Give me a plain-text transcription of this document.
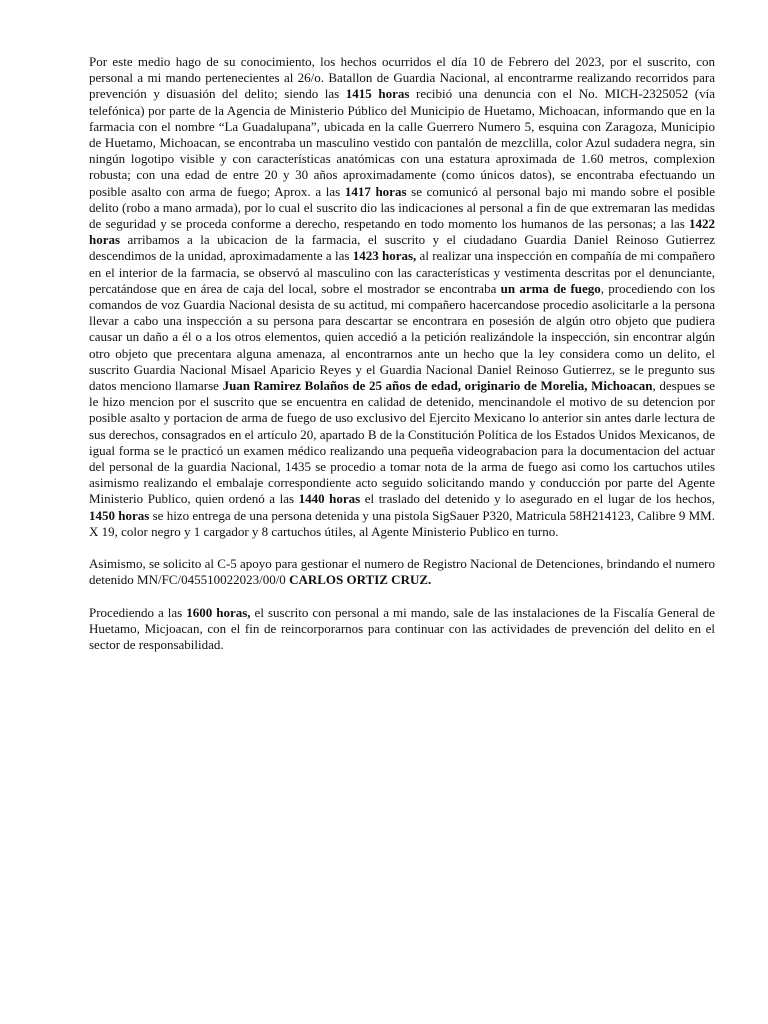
Por este medio hago de su conocimiento, los hechos ocurridos el día 10 de Febrero del 2023, por el suscrito, con personal a mi mando pertenecientes al 26/o. Batallon de Guardia Nacional, al encontrarme realizando recorridos para prevención y disuasión del delito; siendo las 1415 horas recibió una denuncia con el No. MICH-2325052 (vía telefónica) por parte de la Agencia de Ministerio Público del Municipio de Huetamo, Michoacan, informando que en la farmacia con el nombre “La Guadalupana”, ubicada en la calle Guerrero Numero 5, esquina con Zaragoza, Municipio de Huetamo, Michoacan, se encontraba un masculino vestido con pantalón de mezclilla, color Azul sudadera negra, sin ningún logotipo visible y con características anatómicas con una estatura aproximada de 1.60 metros, complexion robusta; con una edad de entre 20 y 30 años aproximadamente (como únicos datos), se encontraba efectuando un posible asalto con arma de fuego; Aprox. a las 1417 horas se comunicó al personal bajo mi mando sobre el posible delito (robo a mano armada), por lo cual el suscrito dio las indicaciones al personal a fin de que extremaran las medidas de seguridad y se proceda conforme a derecho, respetando en todo momento los humanos de las personas; a las 1422 horas arribamos a la ubicacion de la farmacia, el suscrito y el ciudadano Guardia Daniel Reinoso Gutierrez descendimos de la unidad, aproximadamente a las 1423 horas, al realizar una inspección en compañía de mi compañero en el interior de la farmacia, se observó al masculino con las características y vestimenta descritas por el denunciante, percatándose que en área de caja del local, sobre el mostrador se encontraba un arma de fuego, procediendo con los comandos de voz Guardia Nacional desista de su actitud, mi compañero hacercandose procedio asolicitarle a la persona llevar a cabo una inspección a su persona para descartar se encontrara en posesión de algún otro objeto que pudiera causar un daño a él o a los otros elementos, quien accedió a la petición realizándole la inspección, sin encontrar algún otro objeto que precentara alguna amenaza, al encontrarnos ante un hecho que la ley considera como un delito, el suscrito Guardia Nacional Misael Aparicio Reyes y el Guardia Nacional Daniel Reinoso Gutierrez, se le pregunto sus datos menciono llamarse Juan Ramirez Bolaños de 25 años de edad, originario de Morelia, Michoacan, despues se le hizo mencion por el suscrito que se encuentra en calidad de detenido, mencinandole el motivo de su detencion por posible asalto y portacion de arma de fuego de uso exclusivo del Ejercito Mexicano lo anterior sin antes darle lectura de sus derechos, consagrados en el artículo 20, apartado B de la Constitución Política de los Estados Unidos Mexicanos, de igual forma se le practicó un examen médico realizando una pequeña videograbacion para la documentacion del actuar del personal de la guardia Nacional, 1435 se procedio a tomar nota de la arma de fuego asi como los cartuchos utiles asimismo realizando el embalaje correspondiente acto seguido solicitando mando y conducción por parte del Agente Ministerio Publico, quien ordenó a las 1440 horas el traslado del detenido y lo asegurado en el lugar de los hechos, 1450 horas se hizo entrega de una persona detenida y una pistola SigSauer P320, Matricula 58H214123, Calibre 9 MM. X 19, color negro y 1 cargador y 8 cartuchos útiles, al Agente Ministerio Publico en turno.

Asimismo, se solicito al C-5 apoyo para gestionar el numero de Registro Nacional de Detenciones, brindando el numero detenido MN/FC/045510022023/00/0 CARLOS ORTIZ CRUZ.

Procediendo a las 1600 horas, el suscrito con personal a mi mando, sale de las instalaciones de la Fiscalía General de Huetamo, Micjoacan, con el fin de reincorporarnos para continuar con las actividades de prevención del delito en el sector de responsabilidad.
